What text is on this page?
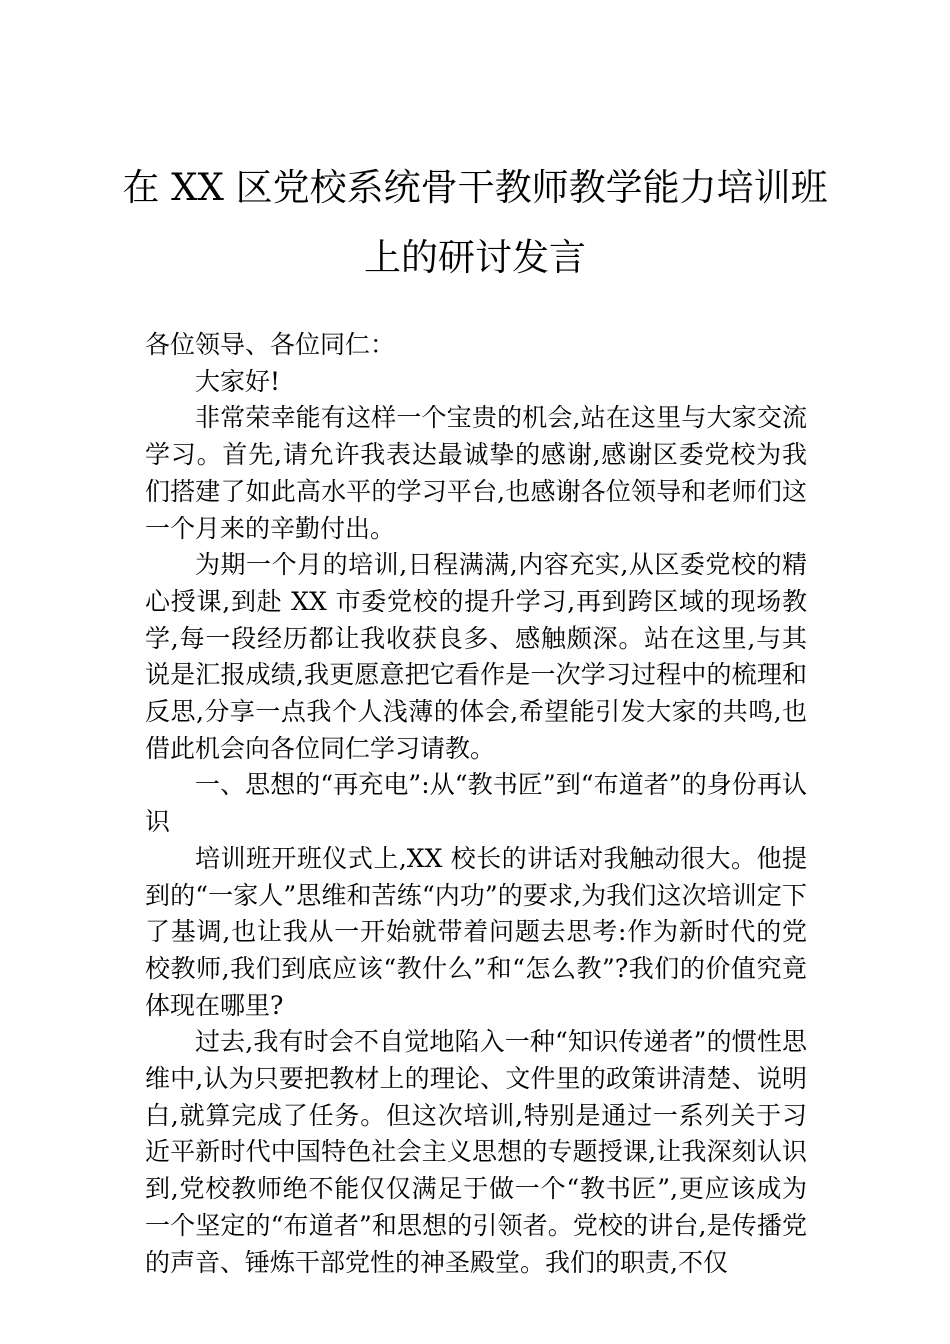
在 XX 区党校系统骨干教师教学能力培训班
上的研讨发言

各位领导、各位同仁：

大家好!

非常荣幸能有这样一个宝贵的机会,站在这里与大家交流学习。首先,请允许我表达最诚挚的感谢,感谢区委党校为我们搭建了如此高水平的学习平台,也感谢各位领导和老师们这一个月来的辛勤付出。

为期一个月的培训,日程满满,内容充实,从区委党校的精心授课,到赴 XX 市委党校的提升学习,再到跨区域的现场教学,每一段经历都让我收获良多、感触颇深。站在这里,与其说是汇报成绩,我更愿意把它看作是一次学习过程中的梳理和反思,分享一点我个人浅薄的体会,希望能引发大家的共鸣,也借此机会向各位同仁学习请教。

一、思想的“再充电”:从“教书匠”到“布道者”的身份再认识

培训班开班仪式上,XX 校长的讲话对我触动很大。他提到的“一家人”思维和苦练“内功”的要求,为我们这次培训定下了基调,也让我从一开始就带着问题去思考:作为新时代的党校教师,我们到底应该“教什么”和“怎么教”?我们的价值究竟体现在哪里?

过去,我有时会不自觉地陷入一种“知识传递者”的惯性思维中,认为只要把教材上的理论、文件里的政策讲清楚、说明白,就算完成了任务。但这次培训,特别是通过一系列关于习近平新时代中国特色社会主义思想的专题授课,让我深刻认识到,党校教师绝不能仅仅满足于做一个“教书匠”,更应该成为一个坚定的“布道者”和思想的引领者。党校的讲台,是传播党的声音、锤炼干部党性的神圣殿堂。我们的职责,不仅
